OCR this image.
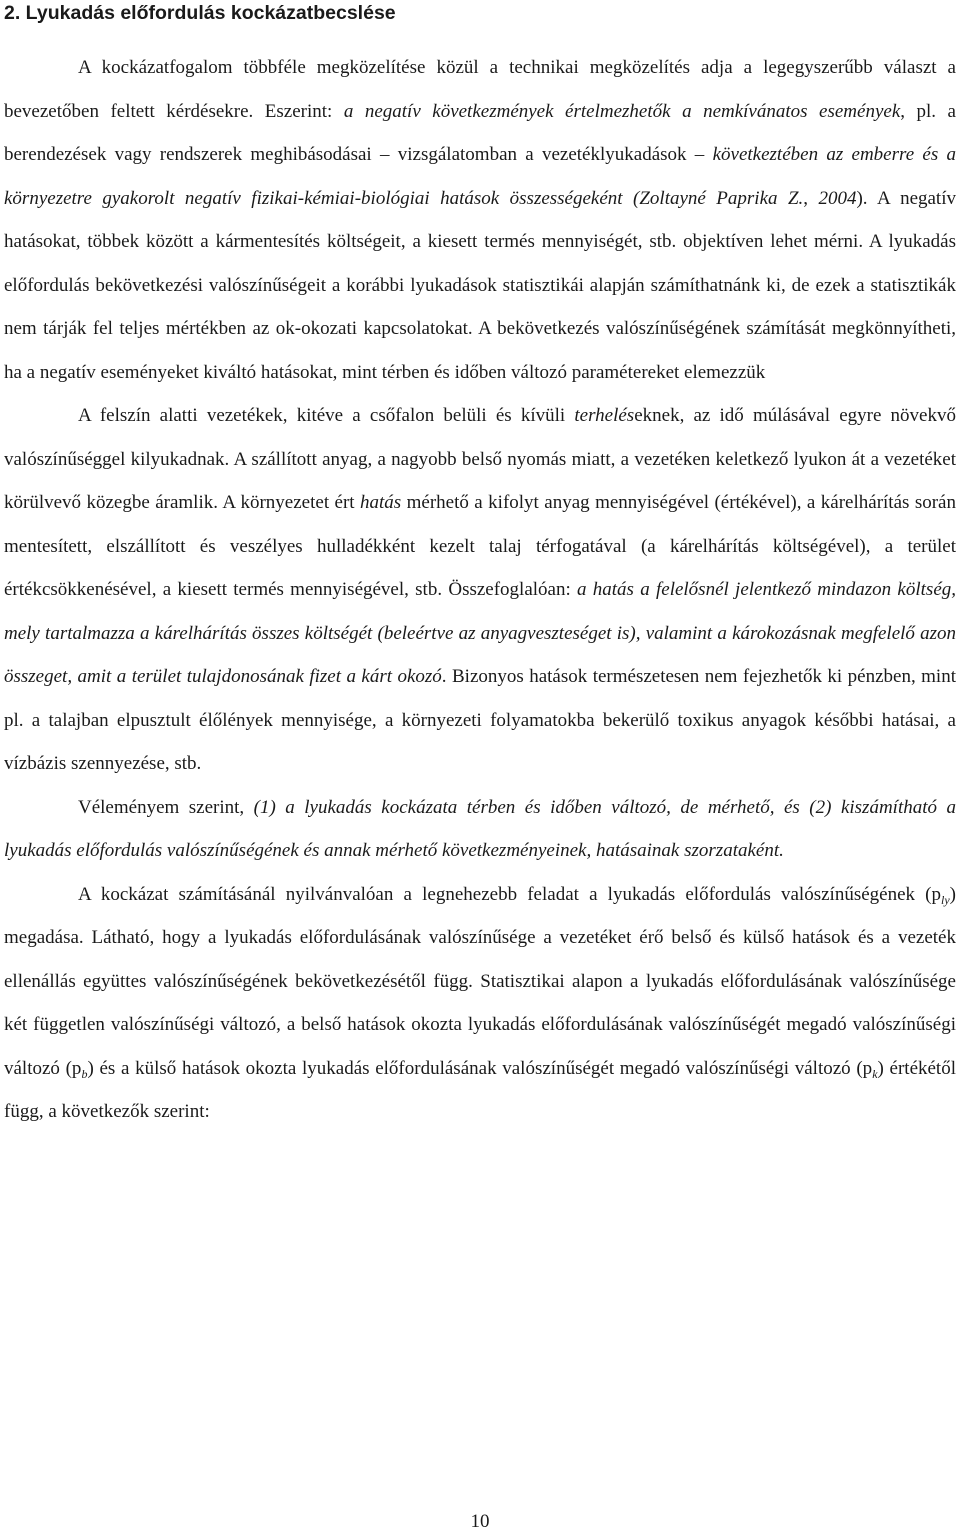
2. Lyukadás előfordulás kockázatbecslése

A kockázatfogalom többféle megközelítése közül a technikai megközelítés adja a legegyszerűbb választ a bevezetőben feltett kérdésekre. Eszerint: a negatív következmények értelmezhetők a nemkívánatos események, pl. a berendezések vagy rendszerek meghibásodásai – vizsgálatomban a vezetéklyukadások – következtében az emberre és a környezetre gyakorolt negatív fizikai-kémiai-biológiai hatások összességeként (Zoltayné Paprika Z., 2004). A negatív hatásokat, többek között a kármentesítés költségeit, a kiesett termés mennyiségét, stb. objektíven lehet mérni. A lyukadás előfordulás bekövetkezési valószínűségeit a korábbi lyukadások statisztikái alapján számíthatnánk ki, de ezek a statisztikák nem tárják fel teljes mértékben az ok-okozati kapcsolatokat. A bekövetkezés valószínűségének számítását megkönnyítheti, ha a negatív eseményeket kiváltó hatásokat, mint térben és időben változó paramétereket elemezzük

A felszín alatti vezetékek, kitéve a csőfalon belüli és kívüli terheléseknek, az idő múlásával egyre növekvő valószínűséggel kilyukadnak. A szállított anyag, a nagyobb belső nyomás miatt, a vezetéken keletkező lyukon át a vezetéket körülvevő közegbe áramlik. A környezetet ért hatás mérhető a kifolyt anyag mennyiségével (értékével), a kárelhárítás során mentesített, elszállított és veszélyes hulladékként kezelt talaj térfogatával (a kárelhárítás költségével), a terület értékcsökkenésével, a kiesett termés mennyiségével, stb. Összefoglalóan: a hatás a felelősnél jelentkező mindazon költség, mely tartalmazza a kárelhárítás összes költségét (beleértve az anyagveszteséget is), valamint a károkozásnak megfelelő azon összeget, amit a terület tulajdonosának fizet a kárt okozó. Bizonyos hatások természetesen nem fejezhetők ki pénzben, mint pl. a talajban elpusztult élőlények mennyisége, a környezeti folyamatokba bekerülő toxikus anyagok későbbi hatásai, a vízbázis szennyezése, stb.

Véleményem szerint, (1) a lyukadás kockázata térben és időben változó, de mérhető, és (2) kiszámítható a lyukadás előfordulás valószínűségének és annak mérhető következményeinek, hatásainak szorzataként.

A kockázat számításánál nyilvánvalóan a legnehezebb feladat a lyukadás előfordulás valószínűségének $(p_{ly})$ megadása. Látható, hogy a lyukadás előfordulásának valószínűsége a vezetéket érő belső és külső hatások és a vezeték ellenállás együttes valószínűségének bekövetkezésétől függ. Statisztikai alapon a lyukadás előfordulásának valószínűsége két független valószínűségi változó, a belső hatások okozta lyukadás előfordulásának valószínűségét megadó valószínűségi változó $(p_b)$ és a külső hatások okozta lyukadás előfordulásának valószínűségét megadó valószínűségi változó $(p_k)$ értékétől függ, a következők szerint:

10
